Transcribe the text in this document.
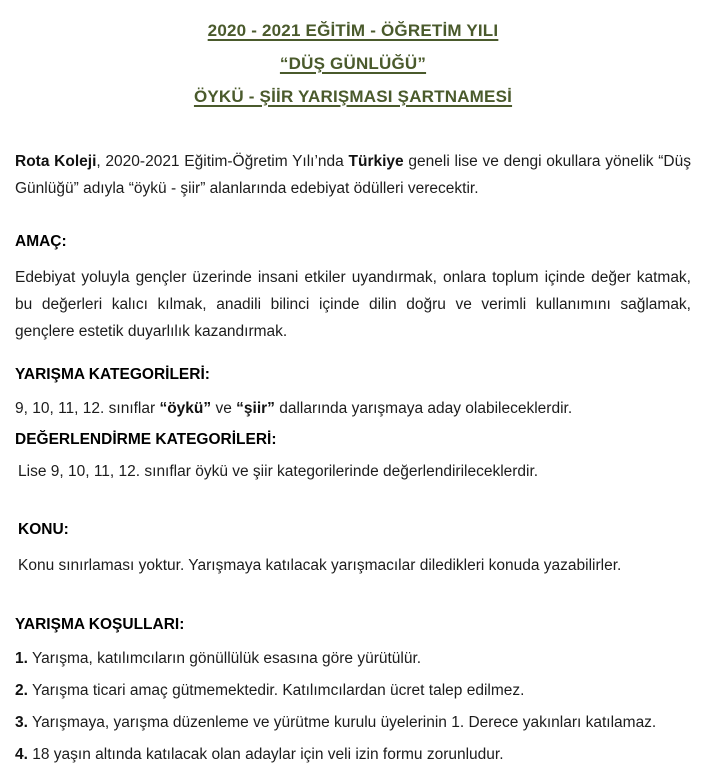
2020 - 2021 EĞİTİM - ÖĞRETİM YILI
“DÜŞ GÜNLÜĞÜ”
ÖYKÜ - ŞİİR YARIŞMASI ŞARTNAMESİ

Rota Koleji, 2020-2021 Eğitim-Öğretim Yılı’nda Türkiye geneli lise ve dengi okullara yönelik “Düş Günlüğü” adıyla “öykü - şiir” alanlarında edebiyat ödülleri verecektir.

AMAÇ:

Edebiyat yoluyla gençler üzerinde insani etkiler uyandırmak, onlara toplum içinde değer katmak, bu değerleri kalıcı kılmak, anadili bilinci içinde dilin doğru ve verimli kullanımını sağlamak, gençlere estetik duyarlılık kazandırmak.

YARIŞMA KATEGORİLERİ:

9, 10, 11, 12. sınıflar “öykü” ve “şiir” dallarında yarışmaya aday olabileceklerdir.

DEĞERLENDİRME KATEGORİLERİ:

Lise 9, 10, 11, 12. sınıflar öykü ve şiir kategorilerinde değerlendirileceklerdir.

KONU:

Konu sınırlaması yoktur. Yarışmaya katılacak yarışmacılar diledikleri konuda yazabilirler.

YARIŞMA KOŞULLARI:

1. Yarışma, katılımcıların gönüllülük esasına göre yürütülür.

2. Yarışma ticari amaç gütmemektedir. Katılımcılardan ücret talep edilmez.

3. Yarışmaya, yarışma düzenleme ve yürütme kurulu üyelerinin 1. Derece yakınları katılamaz.

4. 18 yaşın altında katılacak olan adaylar için veli izin formu zorunludur.
